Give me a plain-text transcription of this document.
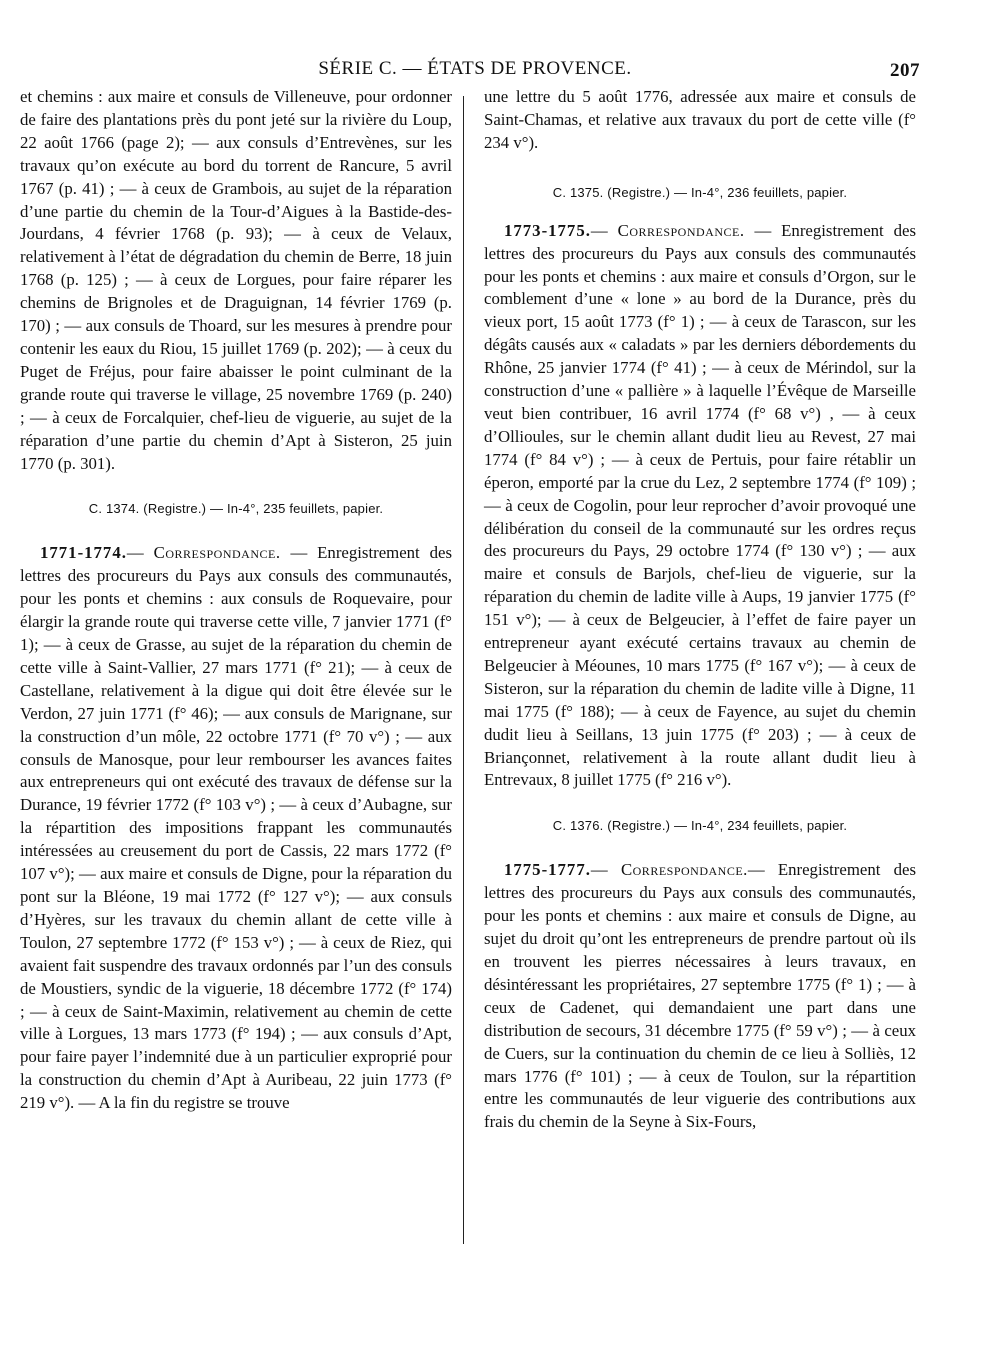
SÉRIE C. — ÉTATS DE PROVENCE.	207

et chemins : aux maire et consuls de Villeneuve, pour ordonner de faire des plantations près du pont jeté sur la rivière du Loup, 22 août 1766 (page 2); — aux consuls d’Entrevènes, sur les travaux qu’on exécute au bord du torrent de Rancure, 5 avril 1767 (p. 41) ; — à ceux de Grambois, au sujet de la réparation d’une partie du chemin de la Tour-d’Aigues à la Bastide-des-Jourdans, 4 février 1768 (p. 93); — à ceux de Velaux, relativement à l’état de dégradation du chemin de Berre, 18 juin 1768 (p. 125) ; — à ceux de Lorgues, pour faire réparer les chemins de Brignoles et de Draguignan, 14 février 1769 (p. 170) ; — aux consuls de Thoard, sur les mesures à prendre pour contenir les eaux du Riou, 15 juillet 1769 (p. 202); — à ceux du Puget de Fréjus, pour faire abaisser le point culminant de la grande route qui traverse le village, 25 novembre 1769 (p. 240) ; — à ceux de Forcalquier, chef-lieu de viguerie, au sujet de la réparation d’une partie du chemin d’Apt à Sisteron, 25 juin 1770 (p. 301).

C. 1374. (Registre.) — In-4°, 235 feuillets, papier.

1771-1774.— Correspondance. — Enregistrement des lettres des procureurs du Pays aux consuls des communautés, pour les ponts et chemins : aux consuls de Roquevaire, pour élargir la grande route qui traverse cette ville, 7 janvier 1771 (f° 1); — à ceux de Grasse, au sujet de la réparation du chemin de cette ville à Saint-Vallier, 27 mars 1771 (f° 21); — à ceux de Castellane, relativement à la digue qui doit être élevée sur le Verdon, 27 juin 1771 (f° 46); — aux consuls de Marignane, sur la construction d’un môle, 22 octobre 1771 (f° 70 v°) ; — aux consuls de Manosque, pour leur rembourser les avances faites aux entrepreneurs qui ont exécuté des travaux de défense sur la Durance, 19 février 1772 (f° 103 v°) ; — à ceux d’Aubagne, sur la répartition des impositions frappant les communautés intéressées au creusement du port de Cassis, 22 mars 1772 (f° 107 v°); — aux maire et consuls de Digne, pour la réparation du pont sur la Bléone, 19 mai 1772 (f° 127 v°); — aux consuls d’Hyères, sur les travaux du chemin allant de cette ville à Toulon, 27 septembre 1772 (f° 153 v°) ; — à ceux de Riez, qui avaient fait suspendre des travaux ordonnés par l’un des consuls de Moustiers, syndic de la viguerie, 18 décembre 1772 (f° 174) ; — à ceux de Saint-Maximin, relativement au chemin de cette ville à Lorgues, 13 mars 1773 (f° 194) ; — aux consuls d’Apt, pour faire payer l’indemnité due à un particulier exproprié pour la construction du chemin d’Apt à Auribeau, 22 juin 1773 (f° 219 v°). — A la fin du registre se trouve

une lettre du 5 août 1776, adressée aux maire et consuls de Saint-Chamas, et relative aux travaux du port de cette ville (f° 234 v°).

C. 1375. (Registre.) — In-4°, 236 feuillets, papier.

1773-1775.— Correspondance. — Enregistrement des lettres des procureurs du Pays aux consuls des communautés pour les ponts et chemins : aux maire et consuls d’Orgon, sur le comblement d’une « lone » au bord de la Durance, près du vieux port, 15 août 1773 (f° 1) ; — à ceux de Tarascon, sur les dégâts causés aux « caladats » par les derniers débordements du Rhône, 25 janvier 1774 (f° 41) ; — à ceux de Mérindol, sur la construction d’une « pallière » à laquelle l’Évêque de Marseille veut bien contribuer, 16 avril 1774 (f° 68 v°) , — à ceux d’Ollioules, sur le chemin allant dudit lieu au Revest, 27 mai 1774 (f° 84 v°) ; — à ceux de Pertuis, pour faire rétablir un éperon, emporté par la crue du Lez, 2 septembre 1774 (f° 109) ; — à ceux de Cogolin, pour leur reprocher d’avoir provoqué une délibération du conseil de la communauté sur les ordres reçus des procureurs du Pays, 29 octobre 1774 (f° 130 v°) ; — aux maire et consuls de Barjols, chef-lieu de viguerie, sur la réparation du chemin de ladite ville à Aups, 19 janvier 1775 (f° 151 v°); — à ceux de Belgeucier, à l’effet de faire payer un entrepreneur ayant exécuté certains travaux au chemin de Belgeucier à Méounes, 10 mars 1775 (f° 167 v°); — à ceux de Sisteron, sur la réparation du chemin de ladite ville à Digne, 11 mai 1775 (f° 188); — à ceux de Fayence, au sujet du chemin dudit lieu à Seillans, 13 juin 1775 (f° 203) ; — à ceux de Briançonnet, relativement à la route allant dudit lieu à Entrevaux, 8 juillet 1775 (f° 216 v°).

C. 1376. (Registre.) — In-4°, 234 feuillets, papier.

1775-1777.— Correspondance.— Enregistrement des lettres des procureurs du Pays aux consuls des communautés, pour les ponts et chemins : aux maire et consuls de Digne, au sujet du droit qu’ont les entrepreneurs de prendre partout où ils en trouvent les pierres nécessaires à leurs travaux, en désintéressant les propriétaires, 27 septembre 1775 (f° 1) ; — à ceux de Cadenet, qui demandaient une part dans une distribution de secours, 31 décembre 1775 (f° 59 v°) ; — à ceux de Cuers, sur la continuation du chemin de ce lieu à Solliès, 12 mars 1776 (f° 101) ; — à ceux de Toulon, sur la répartition entre les communautés de leur viguerie des contributions aux frais du chemin de la Seyne à Six-Fours,
